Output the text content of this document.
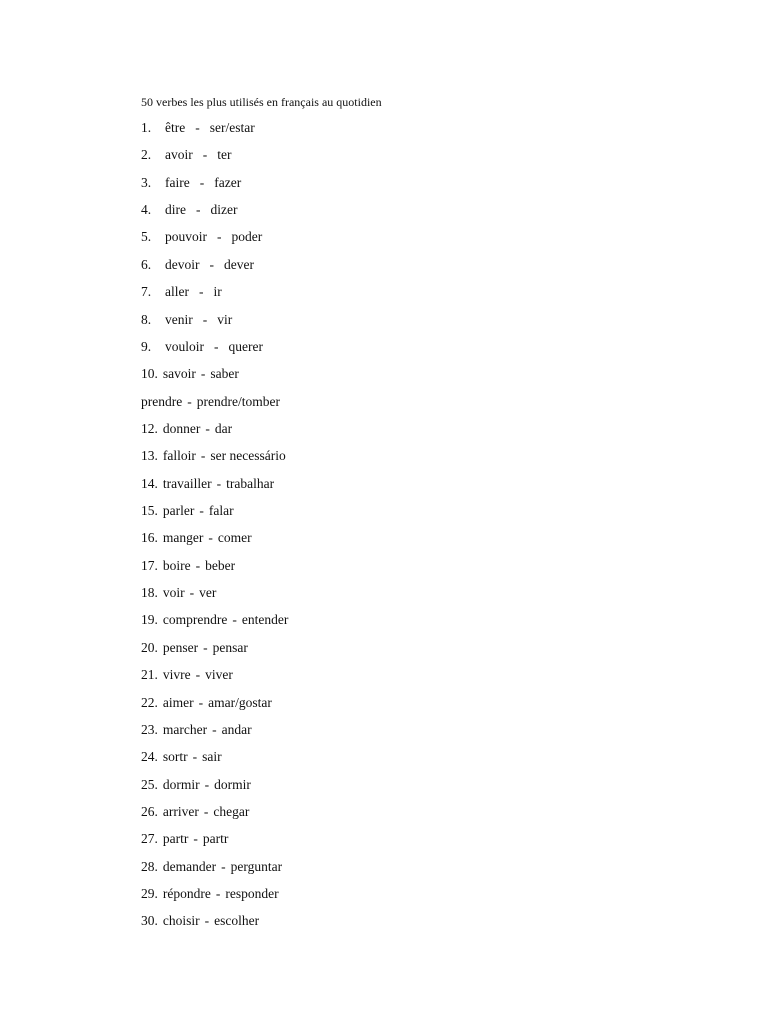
50 verbes les plus utilisés en français au quotidien
1. être - ser/estar
2. avoir - ter
3. faire - fazer
4. dire - dizer
5. pouvoir - poder
6. devoir - dever
7. aller - ir
8. venir - vir
9. vouloir - querer
10. savoir - saber
prendre - prendre/tomber
12. donner - dar
13. falloir - ser necessário
14. travailler - trabalhar
15. parler - falar
16. manger - comer
17. boire - beber
18. voir - ver
19. comprendre - entender
20. penser - pensar
21. vivre - viver
22. aimer - amar/gostar
23. marcher - andar
24. sortr - sair
25. dormir - dormir
26. arriver - chegar
27. partr - partr
28. demander - perguntar
29. répondre - responder
30. choisir - escolher
